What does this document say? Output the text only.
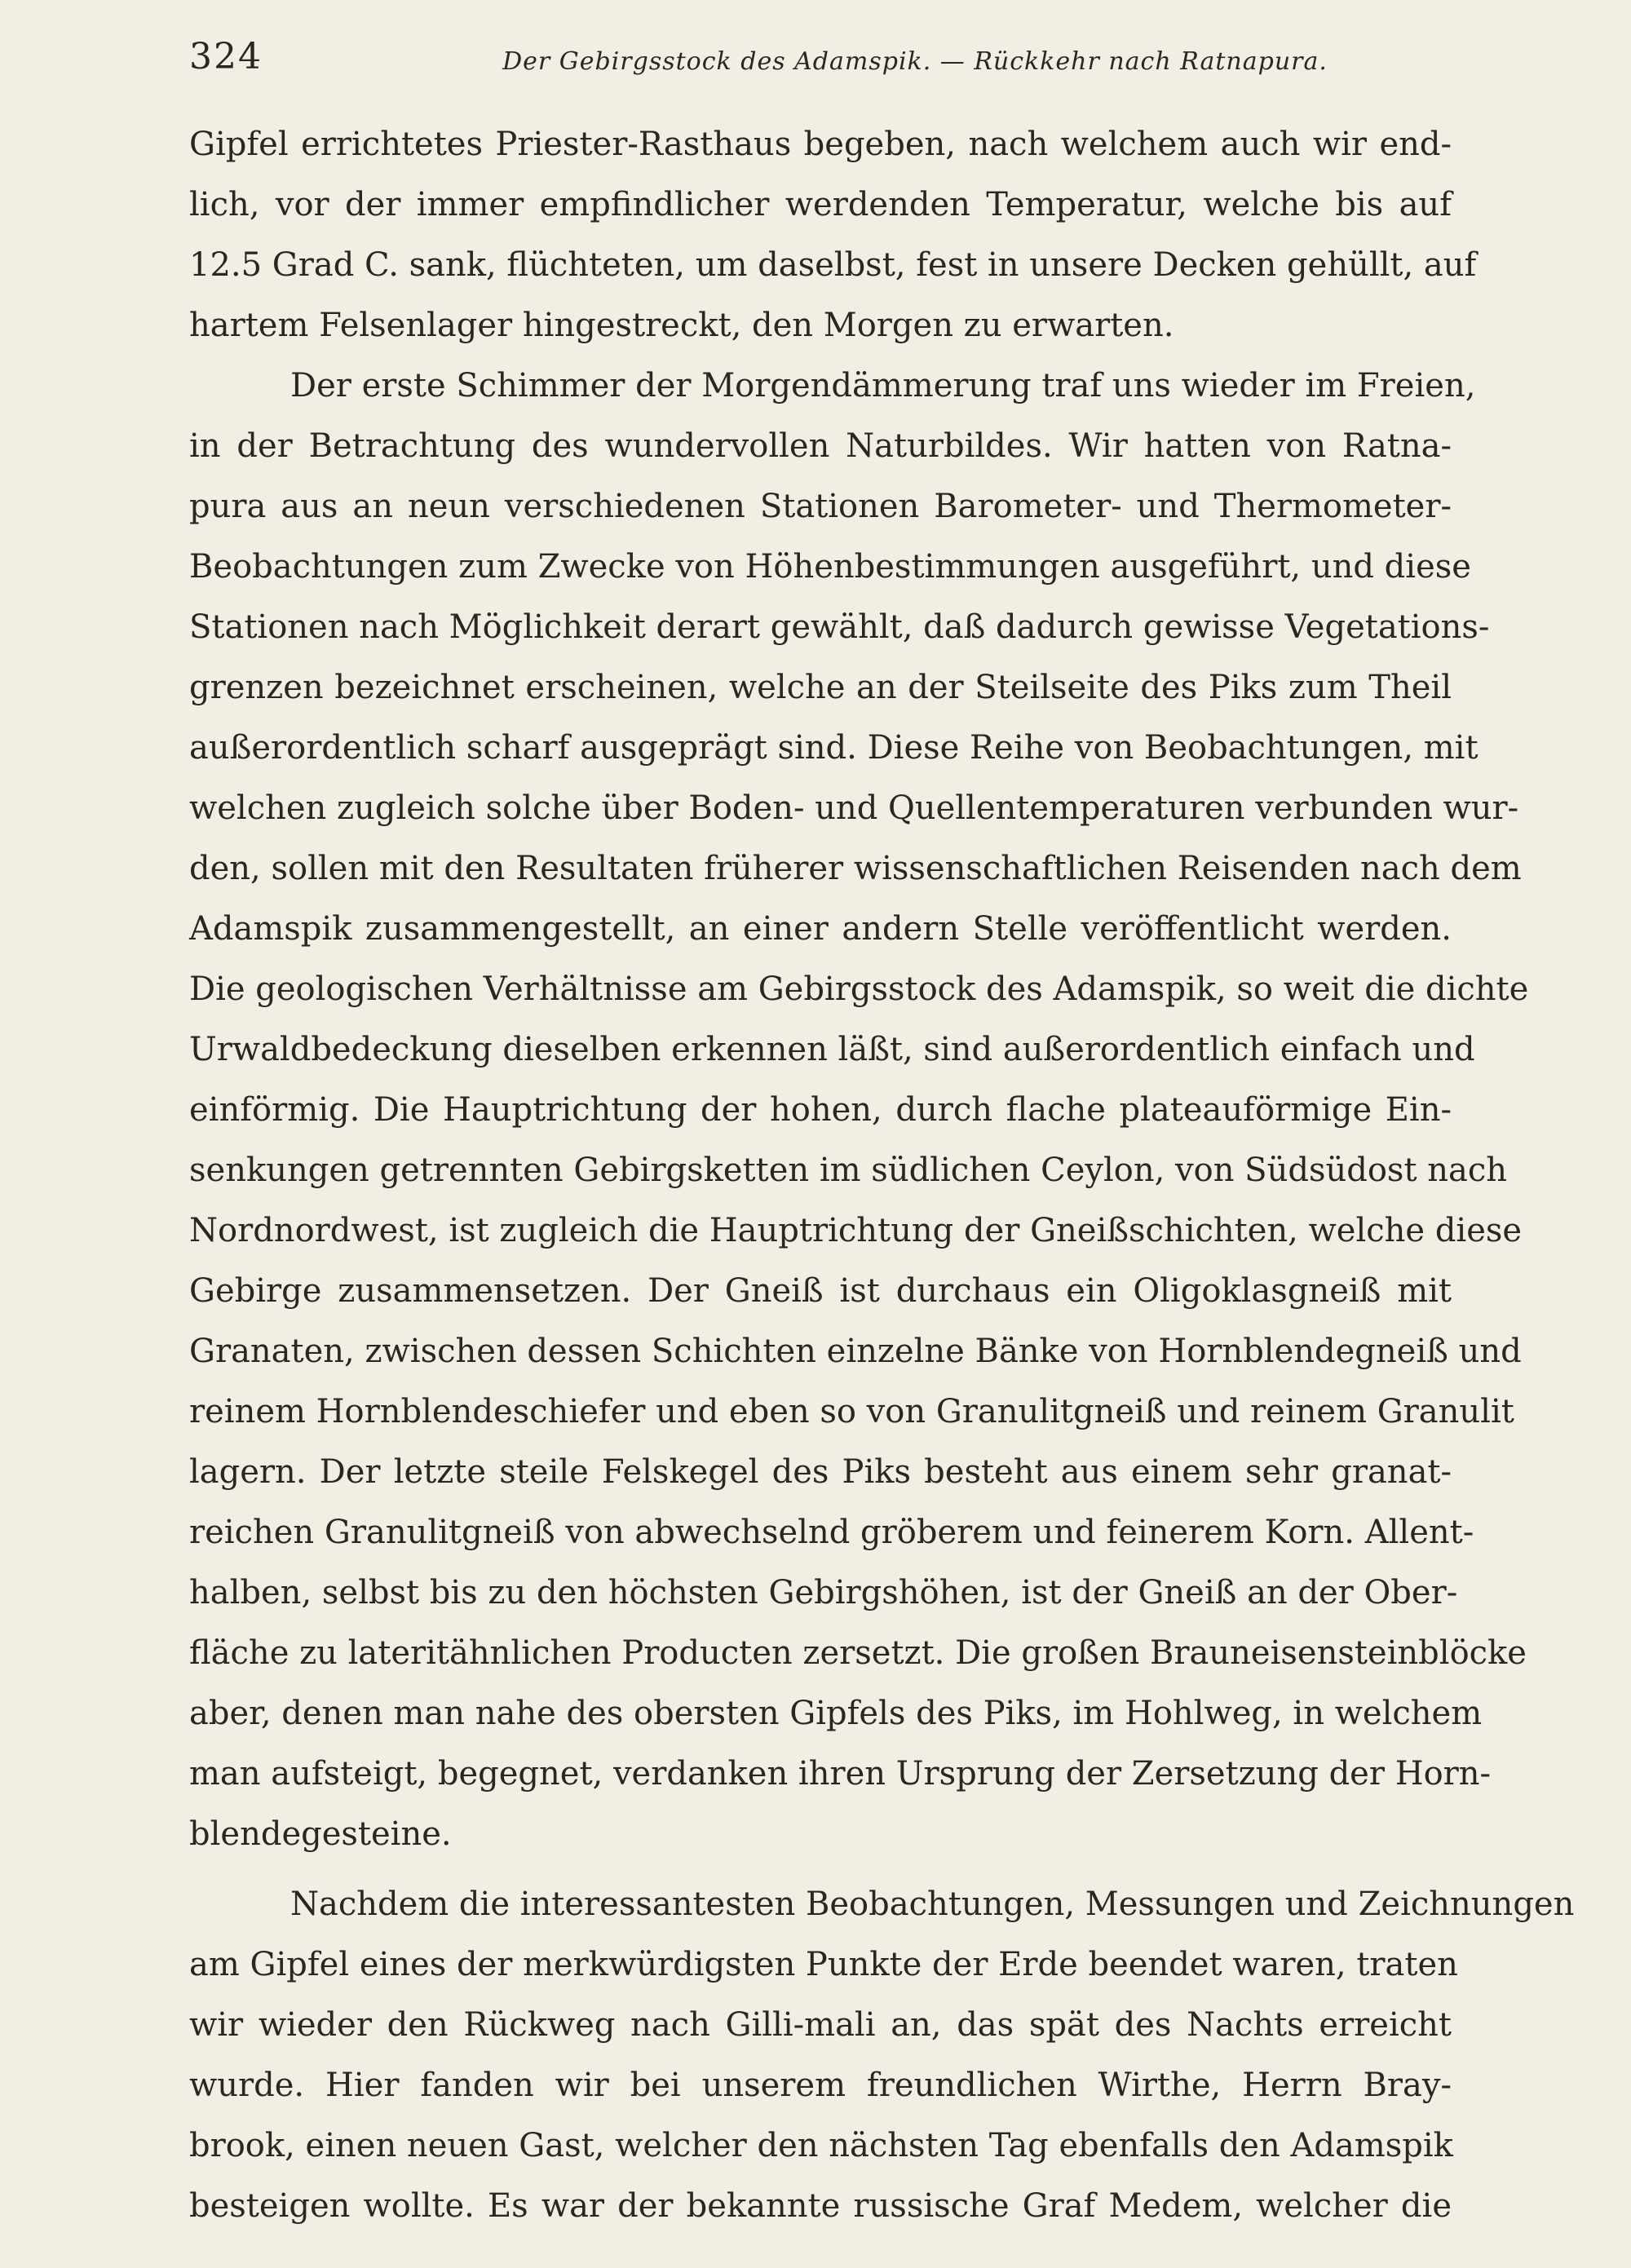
324	Der Gebirgsstock des Adamspik. — Rückkehr nach Ratnapura.
Gipfel errichtetes Priester-Rasthaus begeben, nach welchem auch wir end-
lich, vor der immer empfindlicher werdenden Temperatur, welche bis auf
12.5 Grad C. sank, flüchteten, um daselbst, fest in unsere Decken gehüllt, auf
hartem Felsenlager hingestreckt, den Morgen zu erwarten.
Der erste Schimmer der Morgendämmerung traf uns wieder im Freien,
in der Betrachtung des wundervollen Naturbildes. Wir hatten von Ratna-
pura aus an neun verschiedenen Stationen Barometer- und Thermometer-
Beobachtungen zum Zwecke von Höhenbestimmungen ausgeführt, und diese
Stationen nach Möglichkeit derart gewählt, daß dadurch gewisse Vegetations-
grenzen bezeichnet erscheinen, welche an der Steilseite des Piks zum Theil
außerordentlich scharf ausgeprägt sind. Diese Reihe von Beobachtungen, mit
welchen zugleich solche über Boden- und Quellentemperaturen verbunden wur-
den, sollen mit den Resultaten früherer wissenschaftlichen Reisenden nach dem
Adamspik zusammengestellt, an einer andern Stelle veröffentlicht werden.
Die geologischen Verhältnisse am Gebirgsstock des Adamspik, so weit die dichte
Urwaldbedeckung dieselben erkennen läßt, sind außerordentlich einfach und
einförmig. Die Hauptrichtung der hohen, durch flache plateauförmige Ein-
senkungen getrennten Gebirgsketten im südlichen Ceylon, von Südsüdost nach
Nordnordwest, ist zugleich die Hauptrichtung der Gneißschichten, welche diese
Gebirge zusammensetzen. Der Gneiß ist durchaus ein Oligoklasgneiß mit
Granaten, zwischen dessen Schichten einzelne Bänke von Hornblendegneiß und
reinem Hornblendeschiefer und eben so von Granulitgneiß und reinem Granulit
lagern. Der letzte steile Felskegel des Piks besteht aus einem sehr granat-
reichen Granulitgneiß von abwechselnd gröberem und feinerem Korn. Allent-
halben, selbst bis zu den höchsten Gebirgshöhen, ist der Gneiß an der Ober-
fläche zu lateritähnlichen Producten zersetzt. Die großen Brauneisensteinblöcke
aber, denen man nahe des obersten Gipfels des Piks, im Hohlweg, in welchem
man aufsteigt, begegnet, verdanken ihren Ursprung der Zersetzung der Horn-
blendegesteine.
Nachdem die interessantesten Beobachtungen, Messungen und Zeichnungen
am Gipfel eines der merkwürdigsten Punkte der Erde beendet waren, traten
wir wieder den Rückweg nach Gilli-mali an, das spät des Nachts erreicht
wurde. Hier fanden wir bei unserem freundlichen Wirthe, Herrn Bray-
brook, einen neuen Gast, welcher den nächsten Tag ebenfalls den Adamspik
besteigen wollte. Es war der bekannte russische Graf Medem, welcher die
